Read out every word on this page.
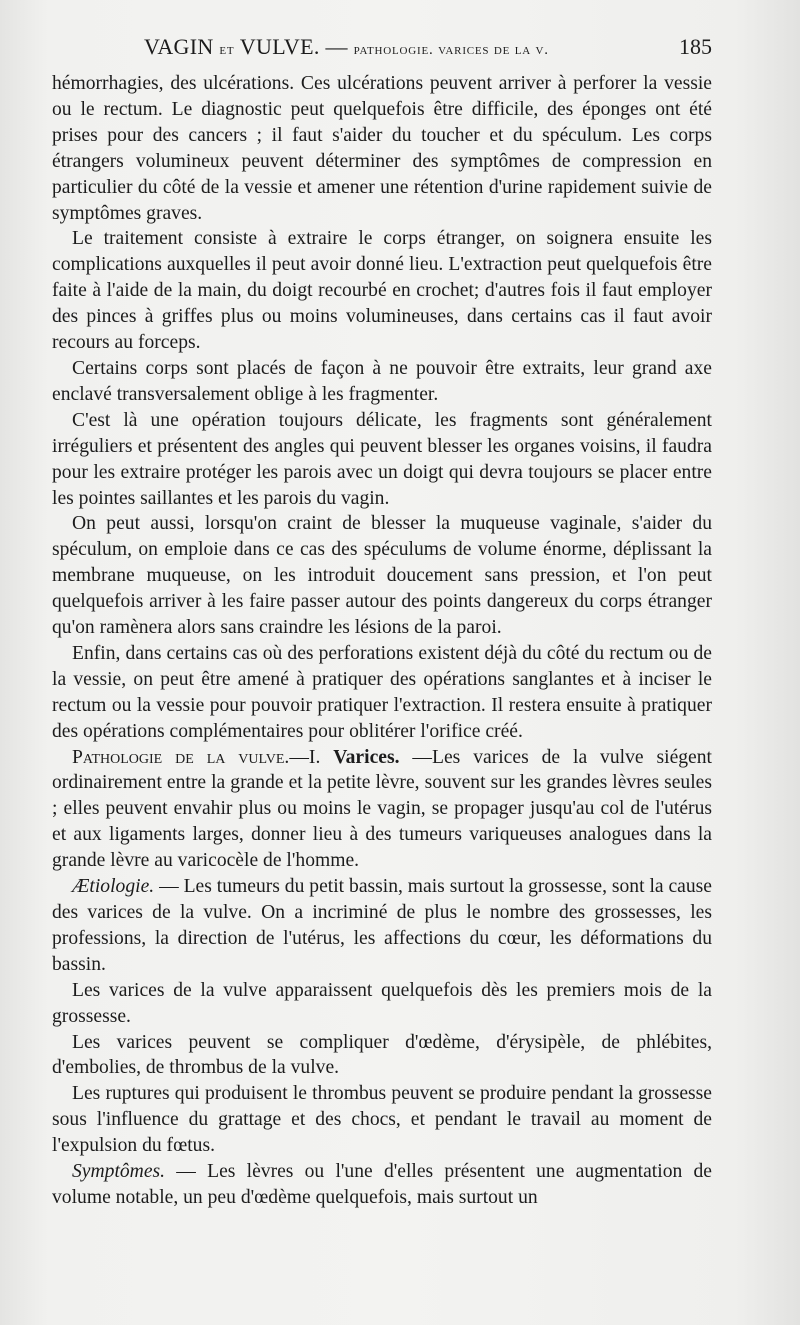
VAGIN et VULVE. — pathologie. varices de la v.	185

hémorrhagies, des ulcérations. Ces ulcérations peuvent arriver à perforer la vessie ou le rectum. Le diagnostic peut quelquefois être difficile, des éponges ont été prises pour des cancers ; il faut s'aider du toucher et du spéculum. Les corps étrangers volumineux peuvent déterminer des symptômes de compression en particulier du côté de la vessie et amener une rétention d'urine rapidement suivie de symptômes graves.

Le traitement consiste à extraire le corps étranger, on soignera ensuite les complications auxquelles il peut avoir donné lieu. L'extraction peut quelquefois être faite à l'aide de la main, du doigt recourbé en crochet; d'autres fois il faut employer des pinces à griffes plus ou moins volumineuses, dans certains cas il faut avoir recours au forceps.

Certains corps sont placés de façon à ne pouvoir être extraits, leur grand axe enclavé transversalement oblige à les fragmenter.

C'est là une opération toujours délicate, les fragments sont généralement irréguliers et présentent des angles qui peuvent blesser les organes voisins, il faudra pour les extraire protéger les parois avec un doigt qui devra toujours se placer entre les pointes saillantes et les parois du vagin.

On peut aussi, lorsqu'on craint de blesser la muqueuse vaginale, s'aider du spéculum, on emploie dans ce cas des spéculums de volume énorme, déplissant la membrane muqueuse, on les introduit doucement sans pression, et l'on peut quelquefois arriver à les faire passer autour des points dangereux du corps étranger qu'on ramènera alors sans craindre les lésions de la paroi.

Enfin, dans certains cas où des perforations existent déjà du côté du rectum ou de la vessie, on peut être amené à pratiquer des opérations sanglantes et à inciser le rectum ou la vessie pour pouvoir pratiquer l'extraction. Il restera ensuite à pratiquer des opérations complémentaires pour oblitérer l'orifice créé.

Pathologie de la vulve.—I. Varices. —Les varices de la vulve siégent ordinairement entre la grande et la petite lèvre, souvent sur les grandes lèvres seules ; elles peuvent envahir plus ou moins le vagin, se propager jusqu'au col de l'utérus et aux ligaments larges, donner lieu à des tumeurs variqueuses analogues dans la grande lèvre au varicocèle de l'homme.

Ætiologie. — Les tumeurs du petit bassin, mais surtout la grossesse, sont la cause des varices de la vulve. On a incriminé de plus le nombre des grossesses, les professions, la direction de l'utérus, les affections du cœur, les déformations du bassin.

Les varices de la vulve apparaissent quelquefois dès les premiers mois de la grossesse.

Les varices peuvent se compliquer d'œdème, d'érysipèle, de phlébites, d'embolies, de thrombus de la vulve.

Les ruptures qui produisent le thrombus peuvent se produire pendant la grossesse sous l'influence du grattage et des chocs, et pendant le travail au moment de l'expulsion du fœtus.

Symptômes. — Les lèvres ou l'une d'elles présentent une augmentation de volume notable, un peu d'œdème quelquefois, mais surtout un
